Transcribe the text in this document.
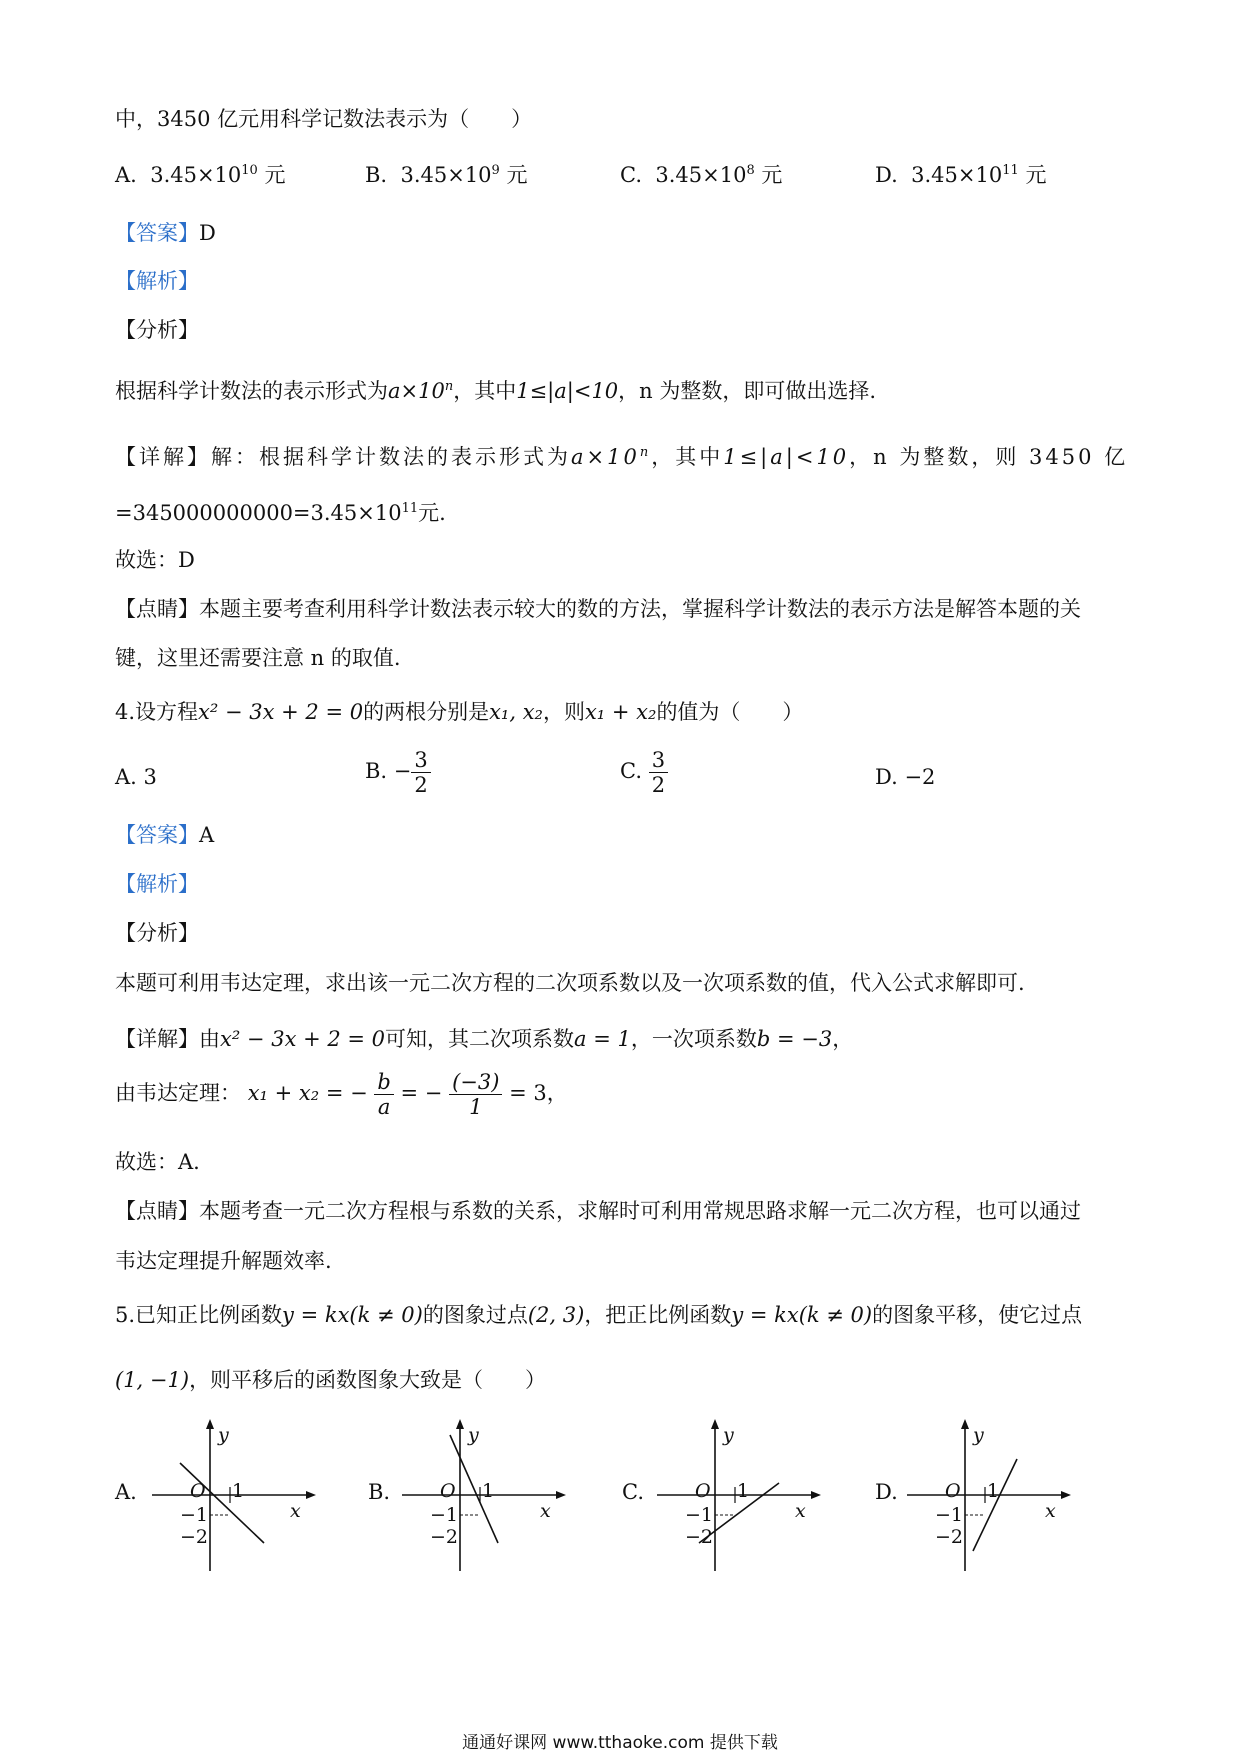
中，3450 亿元用科学记数法表示为（　　）
A. $3.45\times 10^{10}$ 元	B. $3.45\times 10^9$ 元	C. $3.45\times 10^8$ 元	D. $3.45\times 10^{11}$ 元
【答案】D
【解析】
【分析】
根据科学计数法的表示形式为$a\times 10^n$，其中1≤|a|<10，n 为整数，即可做出选择.
【详解】解：根据科学计数法的表示形式为$a\times 10^n$，其中1≤|a|<10，n 为整数，则 3450 亿
$=345000000000=3.45\times 10^{11}$元.
故选：D
【点睛】本题主要考查利用科学计数法表示较大的数的方法，掌握科学计数法的表示方法是解答本题的关
键，这里还需要注意 n 的取值.
4.设方程x² − 3x + 2 = 0的两根分别是x₁, x₂，则x₁ + x₂的值为（　　）
A. 3	B. − $\frac{3}{2}$	C. $\frac{3}{2}$	D. −2
【答案】A
【解析】
【分析】
本题可利用韦达定理，求出该一元二次方程的二次项系数以及一次项系数的值，代入公式求解即可.
【详解】由x² − 3x + 2 = 0可知，其二次项系数a = 1，一次项系数b = −3，
由韦达定理： x₁ + x₂ = − $\frac{b}{a}$ = − $\frac{(-3)}{1} = 3$，
故选：A.
【点睛】本题考查一元二次方程根与系数的关系，求解时可利用常规思路求解一元二次方程，也可以通过
韦达定理提升解题效率.
5.已知正比例函数y = kx(k ≠ 0)的图象过点(2, 3)，把正比例函数y = kx(k ≠ 0)的图象平移，使它过点
(1, −1)，则平移后的函数图象大致是（　　）
A.
y
x
O 1
−1
−2
B.
y
x
O 1
−1
−2
C.
y
x
O 1
−1
−2
D.
y
x
O 1
−1
−2
通通好课网 www.tthaoke.com 提供下载
